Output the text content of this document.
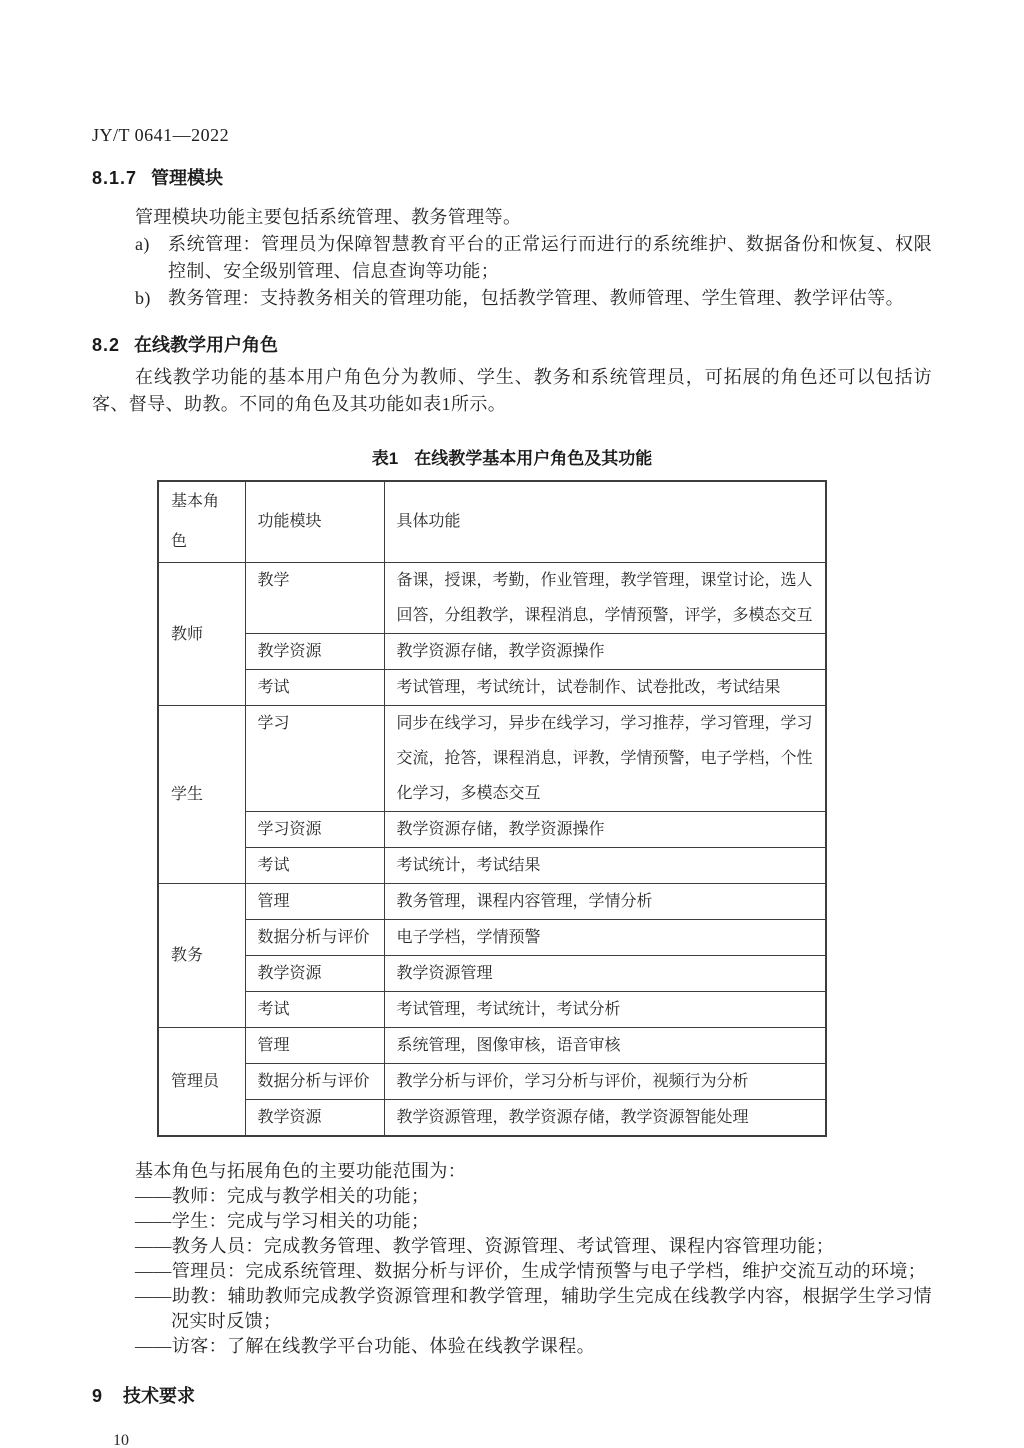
JY/T 0641—2022
8.1.7 管理模块

管理模块功能主要包括系统管理、教务管理等。

a) 系统管理：管理员为保障智慧教育平台的正常运行而进行的系统维护、数据备份和恢复、权限控制、安全级别管理、信息查询等功能；
b) 教务管理：支持教务相关的管理功能，包括教学管理、教师管理、学生管理、教学评估等。
8.2 在线教学用户角色

在线教学功能的基本用户角色分为教师、学生、教务和系统管理员，可拓展的角色还可以包括访客、督导、助教。不同的角色及其功能如表1所示。

表1 在线教学基本用户角色及其功能
基本角色	功能模块	具体功能
教师	教学	备课，授课，考勤，作业管理，教学管理，课堂讨论，选人回答，分组教学，课程消息，学情预警，评学，多模态交互
	教学资源	教学资源存储，教学资源操作
	考试	考试管理，考试统计，试卷制作、试卷批改，考试结果
学生	学习	同步在线学习，异步在线学习，学习推荐，学习管理，学习交流，抢答，课程消息，评教，学情预警，电子学档，个性化学习，多模态交互
	学习资源	教学资源存储，教学资源操作
	考试	考试统计，考试结果
教务	管理	教务管理，课程内容管理，学情分析
	数据分析与评价	电子学档，学情预警
	教学资源	教学资源管理
	考试	考试管理，考试统计，考试分析
管理员	管理	系统管理，图像审核，语音审核
	数据分析与评价	教学分析与评价，学习分析与评价，视频行为分析
	教学资源	教学资源管理，教学资源存储，教学资源智能处理

基本角色与拓展角色的主要功能范围为：

——教师：完成与教学相关的功能；
——学生：完成与学习相关的功能；
——教务人员：完成教务管理、教学管理、资源管理、考试管理、课程内容管理功能；
——管理员：完成系统管理、数据分析与评价，生成学情预警与电子学档，维护交流互动的环境；
——助教：辅助教师完成教学资源管理和教学管理，辅助学生完成在线教学内容，根据学生学习情况实时反馈；
——访客：了解在线教学平台功能、体验在线教学课程。
9 技术要求
10
